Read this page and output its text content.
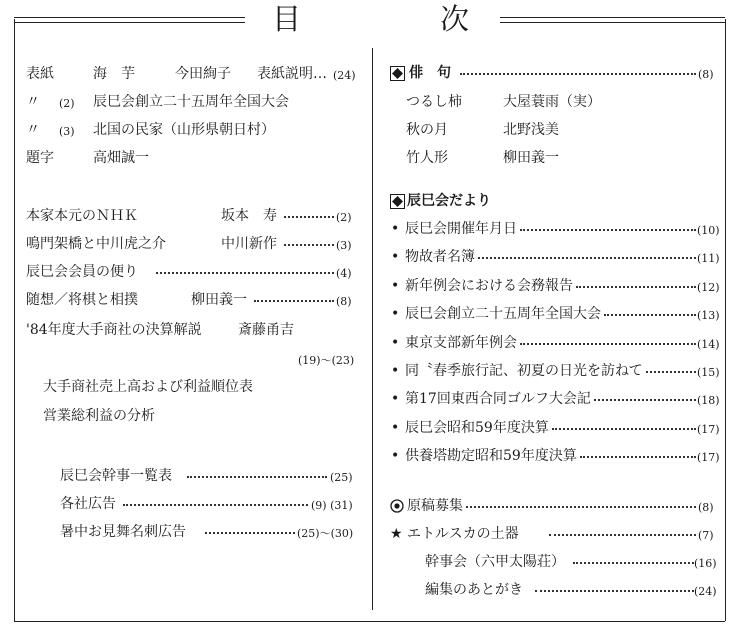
目	次
表紙	海　芋	今田絢子 表紙説明… (24)
〃 (2) 辰巳会創立二十五周年全国大会
〃 (3) 北国の民家（山形県朝日村）
題字	高畑誠一
本家本元のＮＨＫ	坂本　寿	(2)
鳴門架橋と中川虎之介	中川新作	(3)
辰巳会会員の便り	(4)
随想／将棋と相撲	柳田義一	(8)
'84年度大手商社の決算解説	斎藤甬吉
(19)～(23)
大手商社売上高および利益順位表
営業総利益の分析
辰巳会幹事一覧表	(25)
各社広告	(9) (31)
暑中お見舞名刺広告	(25)～(30)
俳　句	(8)
つるし柿	大屋蓑雨（実）
秋の月	北野浅美
竹人形	柳田義一
辰巳会だより
• 辰巳会開催年月日	(10)
• 物故者名簿	(11)
• 新年例会における会務報告	(12)
• 辰巳会創立二十五周年全国大会	(13)
• 東京支部新年例会	(14)
• 同〝春季旅行記、初夏の日光を訪ねて	(15)
• 第17回東西合同ゴルフ大会記	(18)
• 辰巳会昭和59年度決算	(17)
• 供養塔勘定昭和59年度決算	(17)
原稿募集	(8)
★ エトルスカの土器	(7)
幹事会（六甲太陽荘）	(16)
編集のあとがき	(24)
